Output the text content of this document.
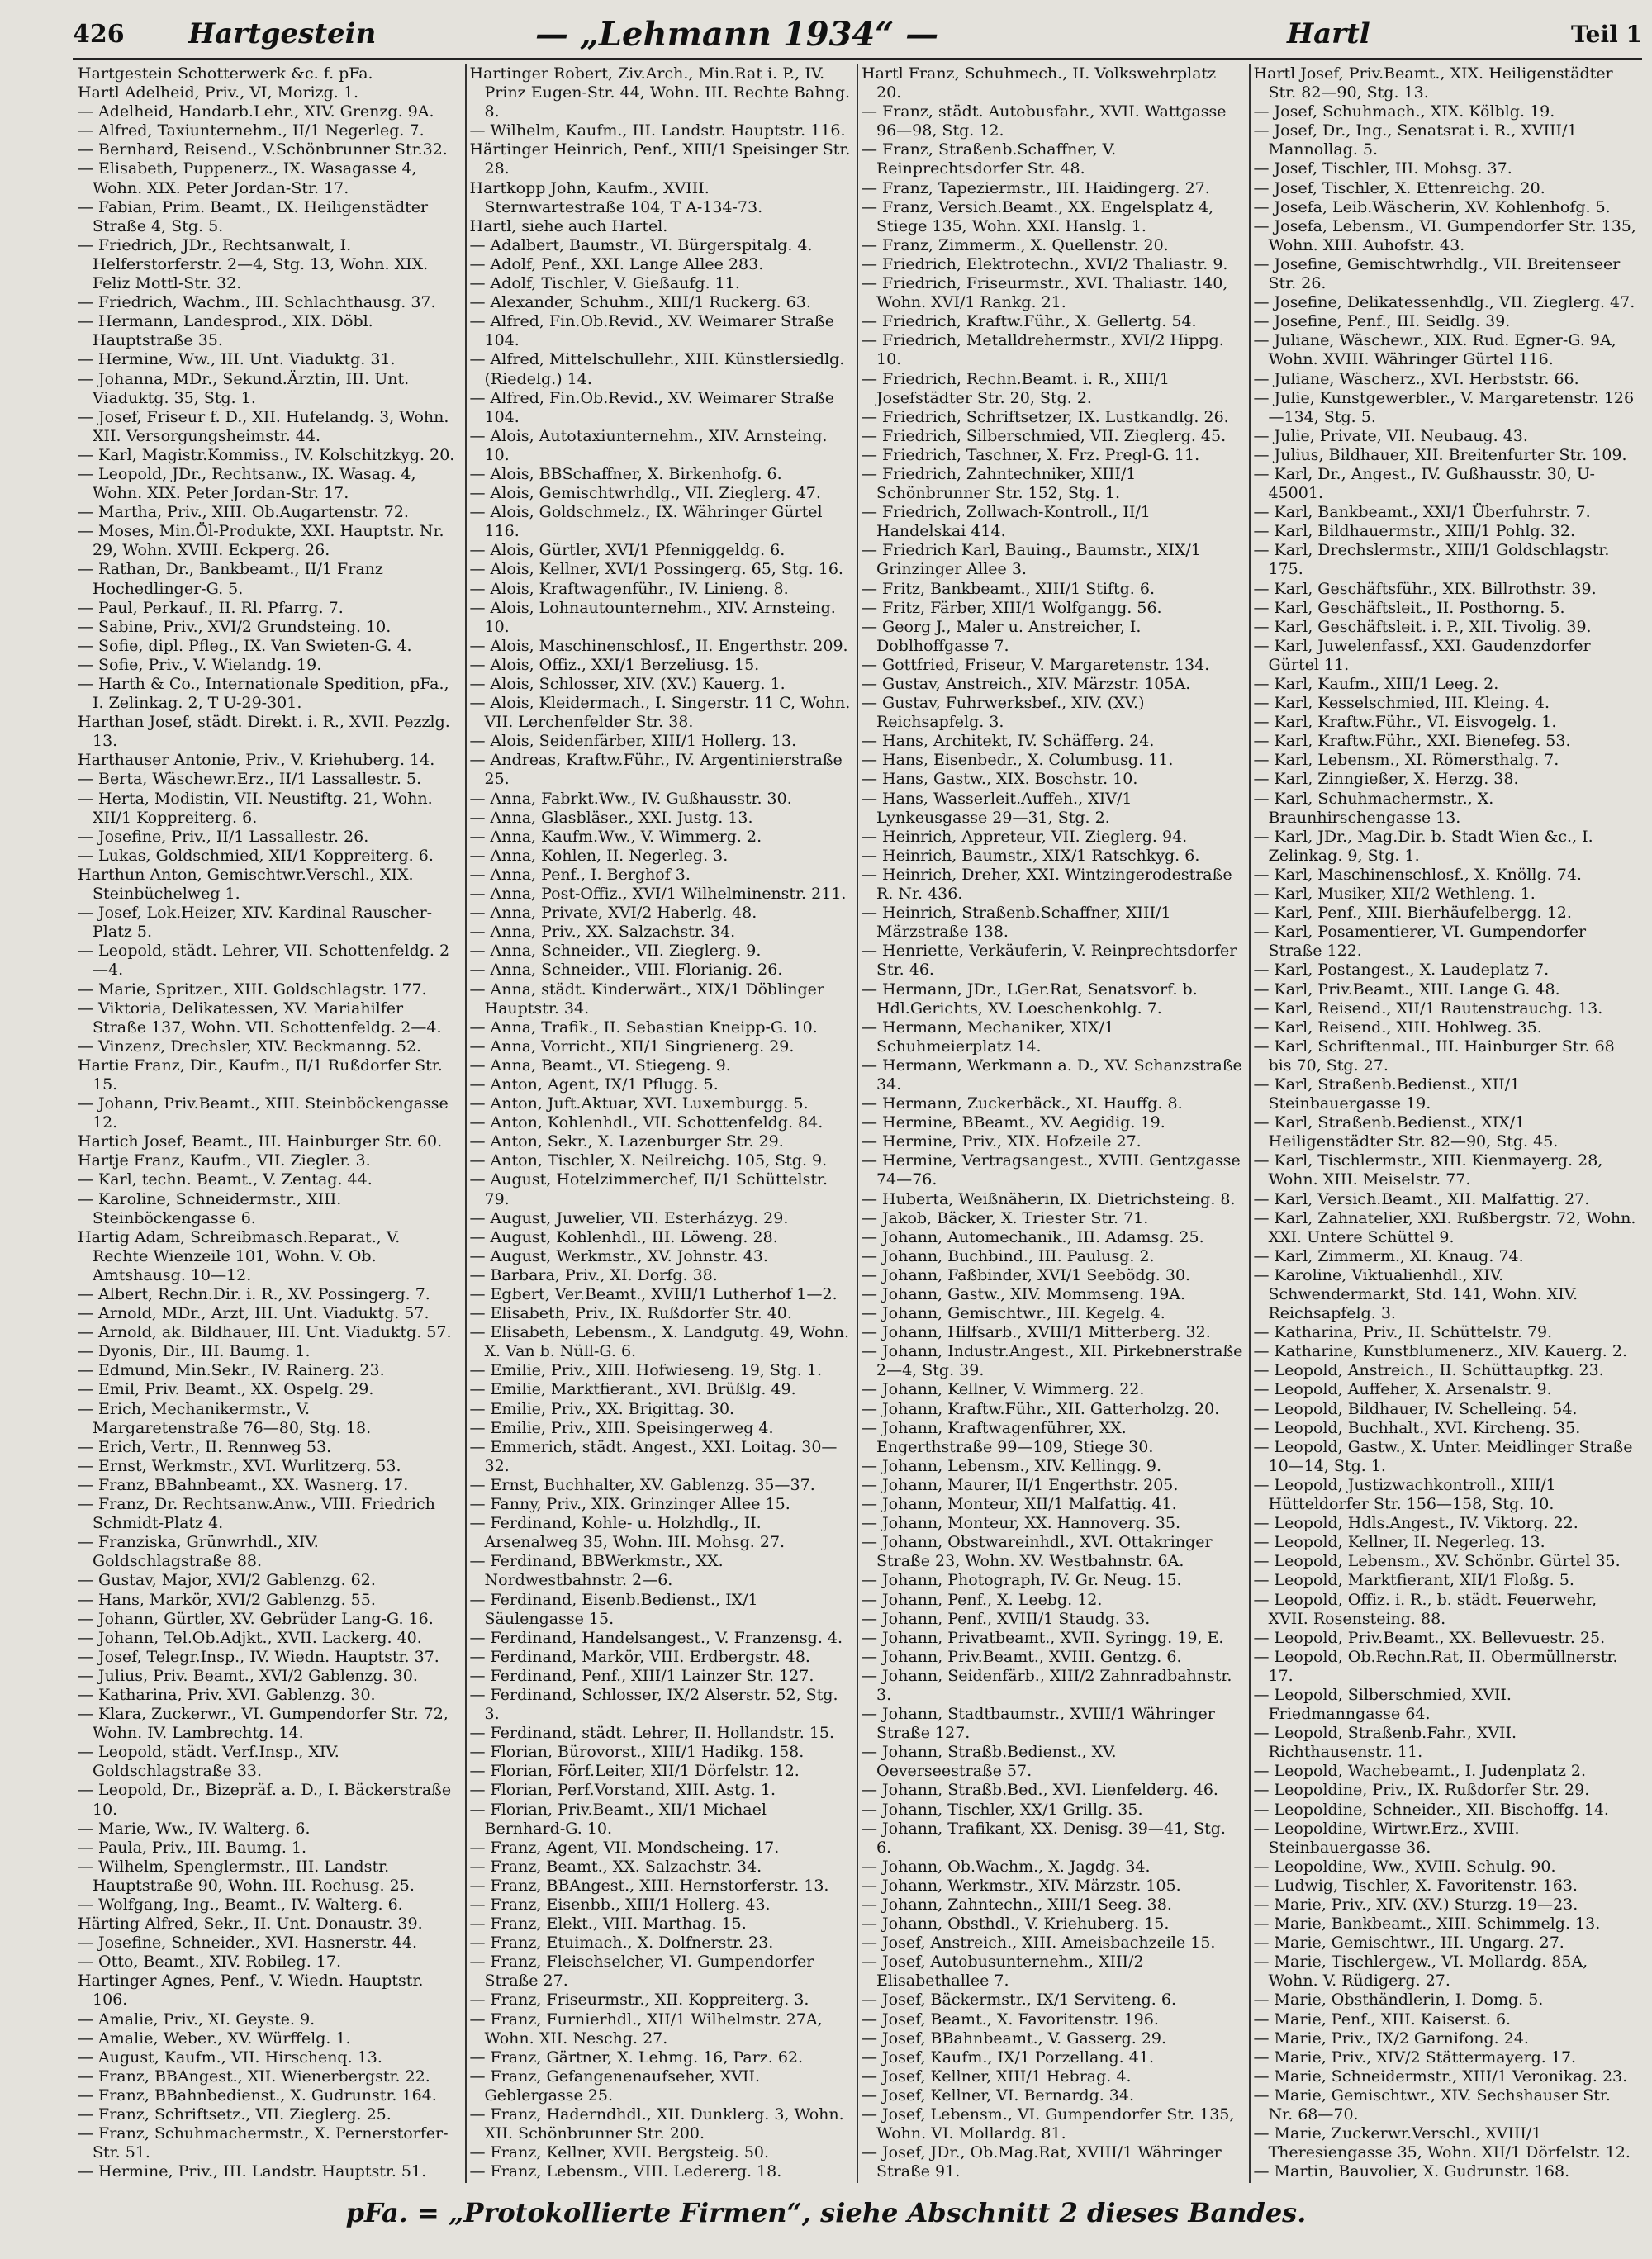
426	Hartgestein	— „Lehmann 1934“ —	Hartl	Teil 1
Hartgestein Schotterwerk &c. f. pFa.
Hartl Adelheid, Priv., VI, Morizg. 1.
— Adelheid, Handarb.Lehr., XIV. Grenzg. 9A.
— Alfred, Taxiunternehm., II/1 Negerleg. 7.
— Bernhard, Reisend., V.Schönbrunner Str.32.
— Elisabeth, Puppenerz., IX. Wasagasse 4, Wohn. XIX. Peter Jordan-Str. 17.
— Fabian, Prim. Beamt., IX. Heiligenstädter Straße 4, Stg. 5.
— Friedrich, JDr., Rechtsanwalt, I. Helferstorferstr. 2—4, Stg. 13, Wohn. XIX. Feliz Mottl-Str. 32.
— Friedrich, Wachm., III. Schlachthausg. 37.
— Hermann, Landesprod., XIX. Döbl. Hauptstraße 35.
— Hermine, Ww., III. Unt. Viaduktg. 31.
— Johanna, MDr., Sekund.Ärztin, III. Unt. Viaduktg. 35, Stg. 1.
— Josef, Friseur f. D., XII. Hufelandg. 3, Wohn. XII. Versorgungsheimstr. 44.
— Karl, Magistr.Kommiss., IV. Kolschitzkyg. 20.
— Leopold, JDr., Rechtsanw., IX. Wasag. 4, Wohn. XIX. Peter Jordan-Str. 17.
— Martha, Priv., XIII. Ob.Augartenstr. 72.
— Moses, Min.Öl-Produkte, XXI. Hauptstr. Nr. 29, Wohn. XVIII. Eckperg. 26.
— Rathan, Dr., Bankbeamt., II/1 Franz Hochedlinger-G. 5.
— Paul, Perkauf., II. Rl. Pfarrg. 7.
— Sabine, Priv., XVI/2 Grundsteing. 10.
— Sofie, dipl. Pfleg., IX. Van Swieten-G. 4.
— Sofie, Priv., V. Wielandg. 19.
— Harth & Co., Internationale Spedition, pFa., I. Zelinkag. 2, T U-29-301.
Harthan Josef, städt. Direkt. i. R., XVII. Pezzlg. 13.
Harthauser Antonie, Priv., V. Kriehuberg. 14.
— Berta, Wäschewr.Erz., II/1 Lassallestr. 5.
— Herta, Modistin, VII. Neustiftg. 21, Wohn. XII/1 Koppreiterg. 6.
— Josefine, Priv., II/1 Lassallestr. 26.
— Lukas, Goldschmied, XII/1 Koppreiterg. 6.
Harthun Anton, Gemischtwr.Verschl., XIX. Steinbüchelweg 1.
— Josef, Lok.Heizer, XIV. Kardinal Rauscher-Platz 5.
— Leopold, städt. Lehrer, VII. Schottenfeldg. 2—4.
— Marie, Spritzer., XIII. Goldschlagstr. 177.
— Viktoria, Delikatessen, XV. Mariahilfer Straße 137, Wohn. VII. Schottenfeldg. 2—4.
— Vinzenz, Drechsler, XIV. Beckmanng. 52.
Hartie Franz, Dir., Kaufm., II/1 Rußdorfer Str. 15.
— Johann, Priv.Beamt., XIII. Steinböckengasse 12.
Hartich Josef, Beamt., III. Hainburger Str. 60.
Hartje Franz, Kaufm., VII. Ziegler. 3.
— Karl, techn. Beamt., V. Zentag. 44.
— Karoline, Schneidermstr., XIII. Steinböckengasse 6.
Hartig Adam, Schreibmasch.Reparat., V. Rechte Wienzeile 101, Wohn. V. Ob. Amtshausg. 10—12.
— Albert, Rechn.Dir. i. R., XV. Possingerg. 7.
— Arnold, MDr., Arzt, III. Unt. Viaduktg. 57.
— Arnold, ak. Bildhauer, III. Unt. Viaduktg. 57.
— Dyonis, Dir., III. Baumg. 1.
— Edmund, Min.Sekr., IV. Rainerg. 23.
— Emil, Priv. Beamt., XX. Ospelg. 29.
— Erich, Mechanikermstr., V. Margaretenstraße 76—80, Stg. 18.
— Erich, Vertr., II. Rennweg 53.
— Ernst, Werkmstr., XVI. Wurlitzerg. 53.
— Franz, BBahnbeamt., XX. Wasnerg. 17.
— Franz, Dr. Rechtsanw.Anw., VIII. Friedrich Schmidt-Platz 4.
— Franziska, Grünwrhdl., XIV. Goldschlagstraße 88.
— Gustav, Major, XVI/2 Gablenzg. 62.
— Hans, Markör, XVI/2 Gablenzg. 55.
— Johann, Gürtler, XV. Gebrüder Lang-G. 16.
— Johann, Tel.Ob.Adjkt., XVII. Lackerg. 40.
— Josef, Telegr.Insp., IV. Wiedn. Hauptstr. 37.
— Julius, Priv. Beamt., XVI/2 Gablenzg. 30.
— Katharina, Priv. XVI. Gablenzg. 30.
— Klara, Zuckerwr., VI. Gumpendorfer Str. 72, Wohn. IV. Lambrechtg. 14.
— Leopold, städt. Verf.Insp., XIV. Goldschlagstraße 33.
— Leopold, Dr., Bizepräf. a. D., I. Bäckerstraße 10.
— Marie, Ww., IV. Walterg. 6.
— Paula, Priv., III. Baumg. 1.
— Wilhelm, Spenglermstr., III. Landstr. Hauptstraße 90, Wohn. III. Rochusg. 25.
— Wolfgang, Ing., Beamt., IV. Walterg. 6.
Härting Alfred, Sekr., II. Unt. Donaustr. 39.
— Josefine, Schneider., XVI. Hasnerstr. 44.
— Otto, Beamt., XIV. Robileg. 17.
Hartinger Agnes, Penf., V. Wiedn. Hauptstr. 106.
— Amalie, Priv., XI. Geyste. 9.
— Amalie, Weber., XV. Würffelg. 1.
— August, Kaufm., VII. Hirschenq. 13.
— Franz, BBAngest., XII. Wienerbergstr. 22.
— Franz, BBahnbedienst., X. Gudrunstr. 164.
— Franz, Schriftsetz., VII. Zieglerg. 25.
— Franz, Schuhmachermstr., X. Pernerstorfer-Str. 51.
— Hermine, Priv., III. Landstr. Hauptstr. 51.
Hartinger Robert, Ziv.Arch., Min.Rat i. P., IV. Prinz Eugen-Str. 44, Wohn. III. Rechte Bahng. 8.
— Wilhelm, Kaufm., III. Landstr. Hauptstr. 116.
Härtinger Heinrich, Penf., XIII/1 Speisinger Str. 28.
Hartkopp John, Kaufm., XVIII. Sternwartestraße 104, T A-134-73.
Hartl, siehe auch Hartel.
— Adalbert, Baumstr., VI. Bürgerspitalg. 4.
— Adolf, Penf., XXI. Lange Allee 283.
— Adolf, Tischler, V. Gießaufg. 11.
— Alexander, Schuhm., XIII/1 Ruckerg. 63.
— Alfred, Fin.Ob.Revid., XV. Weimarer Straße 104.
— Alfred, Mittelschullehr., XIII. Künstlersiedlg. (Riedelg.) 14.
— Alfred, Fin.Ob.Revid., XV. Weimarer Straße 104.
— Alois, Autotaxiunternehm., XIV. Arnsteing. 10.
— Alois, BBSchaffner, X. Birkenhofg. 6.
— Alois, Gemischtwrhdlg., VII. Zieglerg. 47.
— Alois, Goldschmelz., IX. Währinger Gürtel 116.
— Alois, Gürtler, XVI/1 Pfenniggeldg. 6.
— Alois, Kellner, XVI/1 Possingerg. 65, Stg. 16.
— Alois, Kraftwagenführ., IV. Linieng. 8.
— Alois, Lohnautounternehm., XIV. Arnsteing. 10.
— Alois, Maschinenschlosf., II. Engerthstr. 209.
— Alois, Offiz., XXI/1 Berzeliusg. 15.
— Alois, Schlosser, XIV. (XV.) Kauerg. 1.
— Alois, Kleidermach., I. Singerstr. 11 C, Wohn. VII. Lerchenfelder Str. 38.
— Alois, Seidenfärber, XIII/1 Hollerg. 13.
— Andreas, Kraftw.Führ., IV. Argentinierstraße 25.
— Anna, Fabrkt.Ww., IV. Gußhausstr. 30.
— Anna, Glasbläser., XXI. Justg. 13.
— Anna, Kaufm.Ww., V. Wimmerg. 2.
— Anna, Kohlen, II. Negerleg. 3.
— Anna, Penf., I. Berghof 3.
— Anna, Post-Offiz., XVI/1 Wilhelminenstr. 211.
— Anna, Private, XVI/2 Haberlg. 48.
— Anna, Priv., XX. Salzachstr. 34.
— Anna, Schneider., VII. Zieglerg. 9.
— Anna, Schneider., VIII. Florianig. 26.
— Anna, städt. Kinderwärt., XIX/1 Döblinger Hauptstr. 34.
— Anna, Trafik., II. Sebastian Kneipp-G. 10.
— Anna, Vorricht., XII/1 Singrienerg. 29.
— Anna, Beamt., VI. Stiegeng. 9.
— Anton, Agent, IX/1 Pflugg. 5.
— Anton, Juft.Aktuar, XVI. Luxemburgg. 5.
— Anton, Kohlenhdl., VII. Schottenfeldg. 84.
— Anton, Sekr., X. Lazenburger Str. 29.
— Anton, Tischler, X. Neilreichg. 105, Stg. 9.
— August, Hotelzimmerchef, II/1 Schüttelstr. 79.
— August, Juwelier, VII. Esterházyg. 29.
— August, Kohlenhdl., III. Löweng. 28.
— August, Werkmstr., XV. Johnstr. 43.
— Barbara, Priv., XI. Dorfg. 38.
— Egbert, Ver.Beamt., XVIII/1 Lutherhof 1—2.
— Elisabeth, Priv., IX. Rußdorfer Str. 40.
— Elisabeth, Lebensm., X. Landgutg. 49, Wohn. X. Van b. Nüll-G. 6.
— Emilie, Priv., XIII. Hofwieseng. 19, Stg. 1.
— Emilie, Marktfierant., XVI. Brüßlg. 49.
— Emilie, Priv., XX. Brigittag. 30.
— Emilie, Priv., XIII. Speisingerweg 4.
— Emmerich, städt. Angest., XXI. Loitag. 30—32.
— Ernst, Buchhalter, XV. Gablenzg. 35—37.
— Fanny, Priv., XIX. Grinzinger Allee 15.
— Ferdinand, Kohle- u. Holzhdlg., II. Arsenalweg 35, Wohn. III. Mohsg. 27.
— Ferdinand, BBWerkmstr., XX. Nordwestbahnstr. 2—6.
— Ferdinand, Eisenb.Bedienst., IX/1 Säulengasse 15.
— Ferdinand, Handelsangest., V. Franzensg. 4.
— Ferdinand, Markör, VIII. Erdbergstr. 48.
— Ferdinand, Penf., XIII/1 Lainzer Str. 127.
— Ferdinand, Schlosser, IX/2 Alserstr. 52, Stg. 3.
— Ferdinand, städt. Lehrer, II. Hollandstr. 15.
— Florian, Bürovorst., XIII/1 Hadikg. 158.
— Florian, Förf.Leiter, XII/1 Dörfelstr. 12.
— Florian, Perf.Vorstand, XIII. Astg. 1.
— Florian, Priv.Beamt., XII/1 Michael Bernhard-G. 10.
— Franz, Agent, VII. Mondscheing. 17.
— Franz, Beamt., XX. Salzachstr. 34.
— Franz, BBAngest., XIII. Hernstorferstr. 13.
— Franz, Eisenbb., XIII/1 Hollerg. 43.
— Franz, Elekt., VIII. Marthag. 15.
— Franz, Etuimach., X. Dolfnerstr. 23.
— Franz, Fleischselcher, VI. Gumpendorfer Straße 27.
— Franz, Friseurmstr., XII. Koppreiterg. 3.
— Franz, Furnierhdl., XII/1 Wilhelmstr. 27A, Wohn. XII. Neschg. 27.
— Franz, Gärtner, X. Lehmg. 16, Parz. 62.
— Franz, Gefangenenaufseher, XVII. Geblergasse 25.
— Franz, Haderndhdl., XII. Dunklerg. 3, Wohn. XII. Schönbrunner Str. 200.
— Franz, Kellner, XVII. Bergsteig. 50.
— Franz, Lebensm., VIII. Ledererg. 18.
Hartl Franz, Schuhmech., II. Volkswehrplatz 20.
— Franz, städt. Autobusfahr., XVII. Wattgasse 96—98, Stg. 12.
— Franz, Straßenb.Schaffner, V. Reinprechtsdorfer Str. 48.
— Franz, Tapeziermstr., III. Haidingerg. 27.
— Franz, Versich.Beamt., XX. Engelsplatz 4, Stiege 135, Wohn. XXI. Hanslg. 1.
— Franz, Zimmerm., X. Quellenstr. 20.
— Friedrich, Elektrotechn., XVI/2 Thaliastr. 9.
— Friedrich, Friseurmstr., XVI. Thaliastr. 140, Wohn. XVI/1 Rankg. 21.
— Friedrich, Kraftw.Führ., X. Gellertg. 54.
— Friedrich, Metalldrehermstr., XVI/2 Hippg. 10.
— Friedrich, Rechn.Beamt. i. R., XIII/1 Josefstädter Str. 20, Stg. 2.
— Friedrich, Schriftsetzer, IX. Lustkandlg. 26.
— Friedrich, Silberschmied, VII. Zieglerg. 45.
— Friedrich, Taschner, X. Frz. Pregl-G. 11.
— Friedrich, Zahntechniker, XIII/1 Schönbrunner Str. 152, Stg. 1.
— Friedrich, Zollwach-Kontroll., II/1 Handelskai 414.
— Friedrich Karl, Bauing., Baumstr., XIX/1 Grinzinger Allee 3.
— Fritz, Bankbeamt., XIII/1 Stiftg. 6.
— Fritz, Färber, XIII/1 Wolfgangg. 56.
— Georg J., Maler u. Anstreicher, I. Doblhoffgasse 7.
— Gottfried, Friseur, V. Margaretenstr. 134.
— Gustav, Anstreich., XIV. Märzstr. 105A.
— Gustav, Fuhrwerksbef., XIV. (XV.) Reichsapfelg. 3.
— Hans, Architekt, IV. Schäfferg. 24.
— Hans, Eisenbedr., X. Columbusg. 11.
— Hans, Gastw., XIX. Boschstr. 10.
— Hans, Wasserleit.Auffeh., XIV/1 Lynkeusgasse 29—31, Stg. 2.
— Heinrich, Appreteur, VII. Zieglerg. 94.
— Heinrich, Baumstr., XIX/1 Ratschkyg. 6.
— Heinrich, Dreher, XXI. Wintzingerodestraße R. Nr. 436.
— Heinrich, Straßenb.Schaffner, XIII/1 Märzstraße 138.
— Henriette, Verkäuferin, V. Reinprechtsdorfer Str. 46.
— Hermann, JDr., LGer.Rat, Senatsvorf. b. Hdl.Gerichts, XV. Loeschenkohlg. 7.
— Hermann, Mechaniker, XIX/1 Schuhmeierplatz 14.
— Hermann, Werkmann a. D., XV. Schanzstraße 34.
— Hermann, Zuckerbäck., XI. Hauffg. 8.
— Hermine, BBeamt., XV. Aegidig. 19.
— Hermine, Priv., XIX. Hofzeile 27.
— Hermine, Vertragsangest., XVIII. Gentzgasse 74—76.
— Huberta, Weißnäherin, IX. Dietrichsteing. 8.
— Jakob, Bäcker, X. Triester Str. 71.
— Johann, Automechanik., III. Adamsg. 25.
— Johann, Buchbind., III. Paulusg. 2.
— Johann, Faßbinder, XVI/1 Seebödg. 30.
— Johann, Gastw., XIV. Mommseng. 19A.
— Johann, Gemischtwr., III. Kegelg. 4.
— Johann, Hilfsarb., XVIII/1 Mitterberg. 32.
— Johann, Industr.Angest., XII. Pirkebnerstraße 2—4, Stg. 39.
— Johann, Kellner, V. Wimmerg. 22.
— Johann, Kraftw.Führ., XII. Gatterholzg. 20.
— Johann, Kraftwagenführer, XX. Engerthstraße 99—109, Stiege 30.
— Johann, Lebensm., XIV. Kellingg. 9.
— Johann, Maurer, II/1 Engerthstr. 205.
— Johann, Monteur, XII/1 Malfattig. 41.
— Johann, Monteur, XX. Hannoverg. 35.
— Johann, Obstwareinhdl., XVI. Ottakringer Straße 23, Wohn. XV. Westbahnstr. 6A.
— Johann, Photograph, IV. Gr. Neug. 15.
— Johann, Penf., X. Leebg. 12.
— Johann, Penf., XVIII/1 Staudg. 33.
— Johann, Privatbeamt., XVII. Syringg. 19, E.
— Johann, Priv.Beamt., XVIII. Gentzg. 6.
— Johann, Seidenfärb., XIII/2 Zahnradbahnstr. 3.
— Johann, Stadtbaumstr., XVIII/1 Währinger Straße 127.
— Johann, Straßb.Bedienst., XV. Oeverseestraße 57.
— Johann, Straßb.Bed., XVI. Lienfelderg. 46.
— Johann, Tischler, XX/1 Grillg. 35.
— Johann, Trafikant, XX. Denisg. 39—41, Stg. 6.
— Johann, Ob.Wachm., X. Jagdg. 34.
— Johann, Werkmstr., XIV. Märzstr. 105.
— Johann, Zahntechn., XIII/1 Seeg. 38.
— Johann, Obsthdl., V. Kriehuberg. 15.
— Josef, Anstreich., XIII. Ameisbachzeile 15.
— Josef, Autobusunternehm., XIII/2 Elisabethallee 7.
— Josef, Bäckermstr., IX/1 Serviteng. 6.
— Josef, Beamt., X. Favoritenstr. 196.
— Josef, BBahnbeamt., V. Gasserg. 29.
— Josef, Kaufm., IX/1 Porzellang. 41.
— Josef, Kellner, XIII/1 Hebrag. 4.
— Josef, Kellner, VI. Bernardg. 34.
— Josef, Lebensm., VI. Gumpendorfer Str. 135, Wohn. VI. Mollardg. 81.
— Josef, JDr., Ob.Mag.Rat, XVIII/1 Währinger Straße 91.
Hartl Josef, Priv.Beamt., XIX. Heiligenstädter Str. 82—90, Stg. 13.
— Josef, Schuhmach., XIX. Kölblg. 19.
— Josef, Dr., Ing., Senatsrat i. R., XVIII/1 Mannollag. 5.
— Josef, Tischler, III. Mohsg. 37.
— Josef, Tischler, X. Ettenreichg. 20.
— Josefa, Leib.Wäscherin, XV. Kohlenhofg. 5.
— Josefa, Lebensm., VI. Gumpendorfer Str. 135, Wohn. XIII. Auhofstr. 43.
— Josefine, Gemischtwrhdlg., VII. Breitenseer Str. 26.
— Josefine, Delikatessenhdlg., VII. Zieglerg. 47.
— Josefine, Penf., III. Seidlg. 39.
— Juliane, Wäschewr., XIX. Rud. Egner-G. 9A, Wohn. XVIII. Währinger Gürtel 116.
— Juliane, Wäscherz., XVI. Herbststr. 66.
— Julie, Kunstgewerbler., V. Margaretenstr. 126—134, Stg. 5.
— Julie, Private, VII. Neubaug. 43.
— Julius, Bildhauer, XII. Breitenfurter Str. 109.
— Karl, Dr., Angest., IV. Gußhausstr. 30, U-45001.
— Karl, Bankbeamt., XXI/1 Überfuhrstr. 7.
— Karl, Bildhauermstr., XIII/1 Pohlg. 32.
— Karl, Drechslermstr., XIII/1 Goldschlagstr. 175.
— Karl, Geschäftsführ., XIX. Billrothstr. 39.
— Karl, Geschäftsleit., II. Posthorng. 5.
— Karl, Geschäftsleit. i. P., XII. Tivolig. 39.
— Karl, Juwelenfassf., XXI. Gaudenzdorfer Gürtel 11.
— Karl, Kaufm., XIII/1 Leeg. 2.
— Karl, Kesselschmied, III. Kleing. 4.
— Karl, Kraftw.Führ., VI. Eisvogelg. 1.
— Karl, Kraftw.Führ., XXI. Bienefeg. 53.
— Karl, Lebensm., XI. Römersthalg. 7.
— Karl, Zinngießer, X. Herzg. 38.
— Karl, Schuhmachermstr., X. Braunhirschengasse 13.
— Karl, JDr., Mag.Dir. b. Stadt Wien &c., I. Zelinkag. 9, Stg. 1.
— Karl, Maschinenschlosf., X. Knöllg. 74.
— Karl, Musiker, XII/2 Wethleng. 1.
— Karl, Penf., XIII. Bierhäufelbergg. 12.
— Karl, Posamentierer, VI. Gumpendorfer Straße 122.
— Karl, Postangest., X. Laudeplatz 7.
— Karl, Priv.Beamt., XIII. Lange G. 48.
— Karl, Reisend., XII/1 Rautenstrauchg. 13.
— Karl, Reisend., XIII. Hohlweg. 35.
— Karl, Schriftenmal., III. Hainburger Str. 68 bis 70, Stg. 27.
— Karl, Straßenb.Bedienst., XII/1 Steinbauergasse 19.
— Karl, Straßenb.Bedienst., XIX/1 Heiligenstädter Str. 82—90, Stg. 45.
— Karl, Tischlermstr., XIII. Kienmayerg. 28, Wohn. XIII. Meiselstr. 77.
— Karl, Versich.Beamt., XII. Malfattig. 27.
— Karl, Zahnatelier, XXI. Rußbergstr. 72, Wohn. XXI. Untere Schüttel 9.
— Karl, Zimmerm., XI. Knaug. 74.
— Karoline, Viktualienhdl., XIV. Schwendermarkt, Std. 141, Wohn. XIV. Reichsapfelg. 3.
— Katharina, Priv., II. Schüttelstr. 79.
— Katharine, Kunstblumenerz., XIV. Kauerg. 2.
— Leopold, Anstreich., II. Schüttaupfkg. 23.
— Leopold, Auffeher, X. Arsenalstr. 9.
— Leopold, Bildhauer, IV. Schelleing. 54.
— Leopold, Buchhalt., XVI. Kircheng. 35.
— Leopold, Gastw., X. Unter. Meidlinger Straße 10—14, Stg. 1.
— Leopold, Justizwachkontroll., XIII/1 Hütteldorfer Str. 156—158, Stg. 10.
— Leopold, Hdls.Angest., IV. Viktorg. 22.
— Leopold, Kellner, II. Negerleg. 13.
— Leopold, Lebensm., XV. Schönbr. Gürtel 35.
— Leopold, Marktfierant, XII/1 Floßg. 5.
— Leopold, Offiz. i. R., b. städt. Feuerwehr, XVII. Rosensteing. 88.
— Leopold, Priv.Beamt., XX. Bellevuestr. 25.
— Leopold, Ob.Rechn.Rat, II. Obermüllnerstr. 17.
— Leopold, Silberschmied, XVII. Friedmanngasse 64.
— Leopold, Straßenb.Fahr., XVII. Richthausenstr. 11.
— Leopold, Wachebeamt., I. Judenplatz 2.
— Leopoldine, Priv., IX. Rußdorfer Str. 29.
— Leopoldine, Schneider., XII. Bischoffg. 14.
— Leopoldine, Wirtwr.Erz., XVIII. Steinbauergasse 36.
— Leopoldine, Ww., XVIII. Schulg. 90.
— Ludwig, Tischler, X. Favoritenstr. 163.
— Marie, Priv., XIV. (XV.) Sturzg. 19—23.
— Marie, Bankbeamt., XIII. Schimmelg. 13.
— Marie, Gemischtwr., III. Ungarg. 27.
— Marie, Tischlergew., VI. Mollardg. 85A, Wohn. V. Rüdigerg. 27.
— Marie, Obsthändlerin, I. Domg. 5.
— Marie, Penf., XIII. Kaiserst. 6.
— Marie, Priv., IX/2 Garnifong. 24.
— Marie, Priv., XIV/2 Stättermayerg. 17.
— Marie, Schneidermstr., XIII/1 Veronikag. 23.
— Marie, Gemischtwr., XIV. Sechshauser Str. Nr. 68—70.
— Marie, Zuckerwr.Verschl., XVIII/1 Theresiengasse 35, Wohn. XII/1 Dörfelstr. 12.
— Martin, Bauvolier, X. Gudrunstr. 168.
pFa. = „Protokollierte Firmen“, siehe Abschnitt 2 dieses Bandes.
